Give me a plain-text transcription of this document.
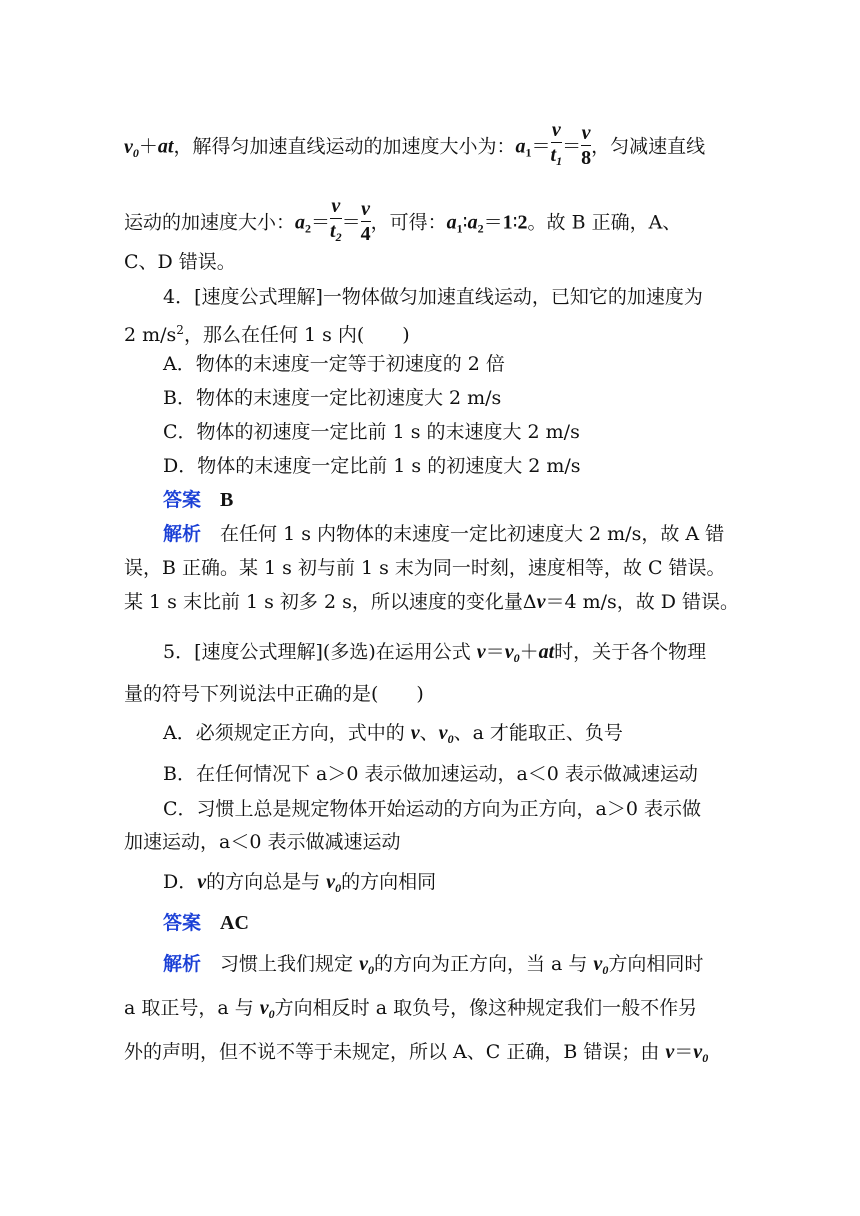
$v_0+at$，解得匀加速直线运动的加速度大小为：$a_1= \frac{v}{t_1} = \frac{v}{8}$ ，匀减速直线
运动的加速度大小：$a_2= \frac{v}{t_2} = \frac{v}{4}$ ，可得：$a_1∶a_2=1∶2$。故 B 正确，A、
C、D 错误。
4．[速度公式理解]一物体做匀加速直线运动，已知它的加速度为
2 $m/s^2$，那么在任何 1 s 内(　　)
A．物体的末速度一定等于初速度的 2 倍
B．物体的末速度一定比初速度大 2 m/s
C．物体的初速度一定比前 1 s 的末速度大 2 m/s
D．物体的末速度一定比前 1 s 的初速度大 2 m/s
答案　 B
解析　 在任何 1 s 内物体的末速度一定比初速度大 2 m/s，故 A 错
误，B 正确。某 1 s 初与前 1 s 末为同一时刻，速度相等，故 C 错误。
某 1 s 末比前 1 s 初多 2 s，所以速度的变化量Δv＝4 m/s，故 D 错误。
5．[速度公式理解](多选)在运用公式 $v=v_0+at$时，关于各个物理
量的符号下列说法中正确的是(　　)
A．必须规定正方向，式中的 v、$v_0$、a 才能取正、负号
B．在任何情况下 a＞0 表示做加速运动，a＜0 表示做减速运动
C．习惯上总是规定物体开始运动的方向为正方向，a＞0 表示做
加速运动，a＜0 表示做减速运动
D．v的方向总是与 $v_0$的方向相同
答案　 AC
解析　 习惯上我们规定 $v_0$的方向为正方向，当 a 与 $v_0$方向相同时
a 取正号，a 与 $v_0$方向相反时 a 取负号，像这种规定我们一般不作另
外的声明，但不说不等于未规定，所以 A、C 正确，B 错误；由 $v=v_0$
